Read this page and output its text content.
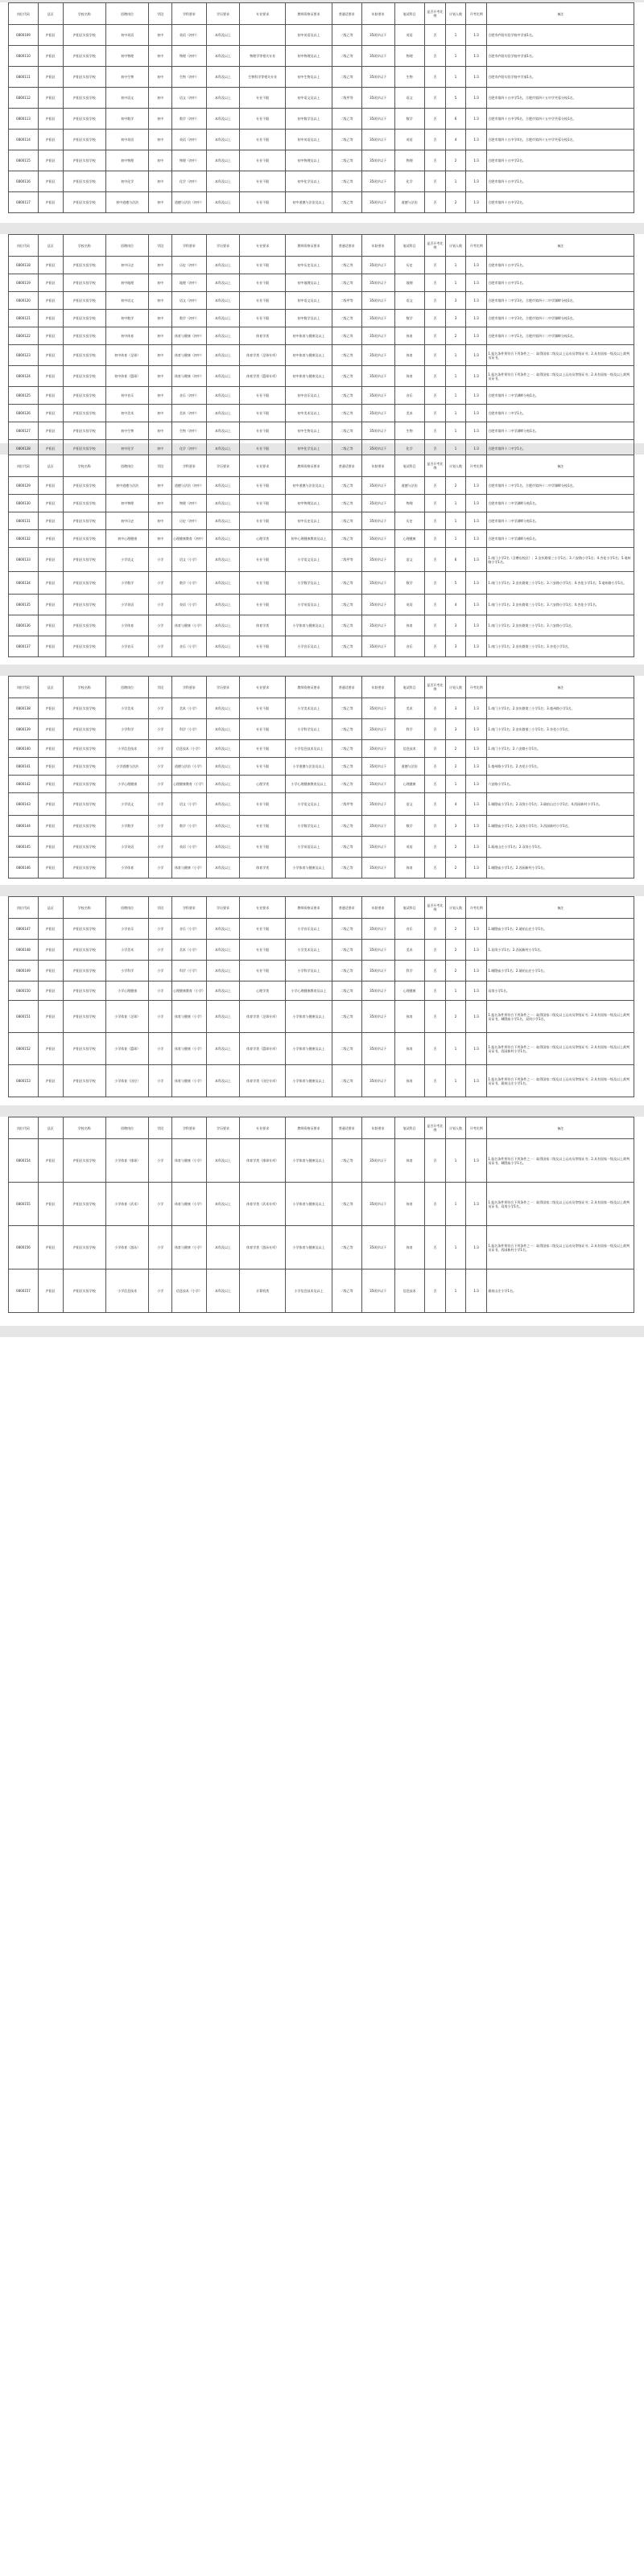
岗位代码	县区	学校名称	招聘岗位	学段	学科要求	学历要求	专业要求	教师资格证要求	普通话要求	年龄要求	笔试科目	是否开考比例	计划人数	开考比例	备注
0800109	庐阳区	庐阳区实验学校	初中英语	初中	英语（初中）	本科及以上		初中英语及以上	二级乙等	35周岁以下	英语	否	1	1:3	合肥市庐阳实验学校中学部1名。
0800110	庐阳区	庐阳区实验学校	初中物理	初中	物理（初中）	本科及以上	物理学等相关专业	初中物理及以上	二级乙等	35周岁以下	物理	否	1	1:3	合肥市庐阳实验学校中学部1名。
0800111	庐阳区	庐阳区实验学校	初中生物	初中	生物（初中）	本科及以上	生物科学等相关专业	初中生物及以上	二级乙等	35周岁以下	生物	否	1	1:3	合肥市庐阳实验学校中学部1名。
0800112	庐阳区	庐阳区实验学校	初中语文	初中	语文（初中）	本科及以上	专业不限	初中语文及以上	二级甲等	35周岁以下	语文	否	5	1:3	合肥市第四十五中学5名，合肥市第四十五中学芙蓉分校1名。
0800113	庐阳区	庐阳区实验学校	初中数学	初中	数学（初中）	本科及以上	专业不限	初中数学及以上	二级乙等	35周岁以下	数学	否	6	1:3	合肥市第四十五中学6名，合肥市第四十五中学芙蓉分校1名。
0800114	庐阳区	庐阳区实验学校	初中英语	初中	英语（初中）	本科及以上	专业不限	初中英语及以上	二级乙等	35周岁以下	英语	否	4	1:3	合肥市第四十五中学4名，合肥市第四十五中学芙蓉分校1名。
0800115	庐阳区	庐阳区实验学校	初中物理	初中	物理（初中）	本科及以上	专业不限	初中物理及以上	二级乙等	35周岁以下	物理	否	2	1:3	合肥市第四十五中学2名。
0800116	庐阳区	庐阳区实验学校	初中化学	初中	化学（初中）	本科及以上	专业不限	初中化学及以上	二级乙等	35周岁以下	化学	否	1	1:3	合肥市第四十五中学1名。
0800117	庐阳区	庐阳区实验学校	初中道德与法治	初中	道德与法治（初中）	本科及以上	专业不限	初中道德与法治及以上	二级乙等	35周岁以下	道德与法治	否	2	1:3	合肥市第四十五中学2名。
岗位代码	县区	学校名称	招聘岗位	学段	学科要求	学历要求	专业要求	教师资格证要求	普通话要求	年龄要求	笔试科目	是否开考比例	计划人数	开考比例	备注
0800118	庐阳区	庐阳区实验学校	初中历史	初中	历史（初中）	本科及以上	专业不限	初中历史及以上	二级乙等	35周岁以下	历史	否	1	1:3	合肥市第四十五中学1名。
0800119	庐阳区	庐阳区实验学校	初中地理	初中	地理（初中）	本科及以上	专业不限	初中地理及以上	二级乙等	35周岁以下	地理	否	1	1:3	合肥市第四十五中学1名。
0800120	庐阳区	庐阳区实验学校	初中语文	初中	语文（初中）	本科及以上	专业不限	初中语文及以上	二级甲等	35周岁以下	语文	否	3	1:3	合肥市第四十二中学3名，合肥市第四十二中学湖畔分校1名。
0800121	庐阳区	庐阳区实验学校	初中数学	初中	数学（初中）	本科及以上	专业不限	初中数学及以上	二级乙等	35周岁以下	数学	否	3	1:3	合肥市第四十二中学3名，合肥市第四十二中学湖畔分校1名。
0800122	庐阳区	庐阳区实验学校	初中体育	初中	体育与健康（初中）	本科及以上	体育学类	初中体育与健康及以上	二级乙等	35周岁以下	体育	否	2	1:3	合肥市第四十二中学1名，合肥市第四十二中学湖畔分校1名。
0800123	庐阳区	庐阳区实验学校	初中体育（足球）	初中	体育与健康（初中）	本科及以上	体育学类（足球专项）	初中体育与健康及以上	二级乙等	35周岁以下	体育	否	1	1:3	1.报名条件须符合下列条件之一：取得国家二级及以上运动员等级证书；2.具有国家一级及以上裁判员证书。
0800124	庐阳区	庐阳区实验学校	初中体育（篮球）	初中	体育与健康（初中）	本科及以上	体育学类（篮球专项）	初中体育与健康及以上	二级乙等	35周岁以下	体育	否	1	1:3	1.报名条件须符合下列条件之一：取得国家二级及以上运动员等级证书；2.具有国家一级及以上裁判员证书。
0800125	庐阳区	庐阳区实验学校	初中音乐	初中	音乐（初中）	本科及以上	专业不限	初中音乐及以上	二级乙等	35周岁以下	音乐	否	1	1:3	合肥市第四十二中学湖畔分校1名。
0800126	庐阳区	庐阳区实验学校	初中美术	初中	美术（初中）	本科及以上	专业不限	初中美术及以上	二级乙等	35周岁以下	美术	否	1	1:3	合肥市第四十二中学1名。
0800127	庐阳区	庐阳区实验学校	初中生物	初中	生物（初中）	本科及以上	专业不限	初中生物及以上	二级乙等	35周岁以下	生物	否	1	1:3	合肥市第四十二中学湖畔分校1名。
0800128	庐阳区	庐阳区实验学校	初中化学	初中	化学（初中）	本科及以上	专业不限	初中化学及以上	二级乙等	35周岁以下	化学	否	1	1:3	合肥市第四十二中学1名。
岗位代码	县区	学校名称	招聘岗位	学段	学科要求	学历要求	专业要求	教师资格证要求	普通话要求	年龄要求	笔试科目	是否开考比例	计划人数	开考比例	备注
0800129	庐阳区	庐阳区实验学校	初中道德与法治	初中	道德与法治（初中）	本科及以上	专业不限	初中道德与法治及以上	二级乙等	35周岁以下	道德与法治	否	2	1:3	合肥市第四十二中学1名，合肥市第四十二中学湖畔分校1名。
0800130	庐阳区	庐阳区实验学校	初中物理	初中	物理（初中）	本科及以上	专业不限	初中物理及以上	二级乙等	35周岁以下	物理	否	1	1:3	合肥市第四十二中学湖畔分校1名。
0800131	庐阳区	庐阳区实验学校	初中历史	初中	历史（初中）	本科及以上	专业不限	初中历史及以上	二级乙等	35周岁以下	历史	否	1	1:3	合肥市第四十二中学湖畔分校1名。
0800132	庐阳区	庐阳区实验学校	初中心理健康	初中	心理健康教育（初中）	本科及以上	心理学类	初中心理健康教育及以上	二级乙等	35周岁以下	心理健康	否	1	1:3	合肥市第四十二中学湖畔分校1名。
0800133	庐阳区	庐阳区实验学校	小学语文	小学	语文（小学）	本科及以上	专业不限	小学语文及以上	二级甲等	35周岁以下	语文	否	6	1:3	1.南门小学2名（含磨店校区）；2.安庆路第三小学1名；3.六安路小学1名；4.杏花小学1名；5.亳州路小学1名。
0800134	庐阳区	庐阳区实验学校	小学数学	小学	数学（小学）	本科及以上	专业不限	小学数学及以上	二级乙等	35周岁以下	数学	否	5	1:3	1.南门小学1名；2.安庆路第三小学1名；3.六安路小学1名；4.杏花小学1名；5.亳州路小学1名。
0800135	庐阳区	庐阳区实验学校	小学英语	小学	英语（小学）	本科及以上	专业不限	小学英语及以上	二级乙等	35周岁以下	英语	否	4	1:3	1.南门小学1名；2.安庆路第三小学1名；3.六安路小学1名；4.杏花小学1名。
0800136	庐阳区	庐阳区实验学校	小学体育	小学	体育与健康（小学）	本科及以上	体育学类	小学体育与健康及以上	二级乙等	35周岁以下	体育	否	3	1:3	1.南门小学1名；2.安庆路第三小学1名；3.六安路小学1名。
0800137	庐阳区	庐阳区实验学校	小学音乐	小学	音乐（小学）	本科及以上	专业不限	小学音乐及以上	二级乙等	35周岁以下	音乐	否	3	1:3	1.南门小学1名；2.安庆路第三小学1名；3.杏花小学1名。
岗位代码	县区	学校名称	招聘岗位	学段	学科要求	学历要求	专业要求	教师资格证要求	普通话要求	年龄要求	笔试科目	是否开考比例	计划人数	开考比例	备注
0800138	庐阳区	庐阳区实验学校	小学美术	小学	美术（小学）	本科及以上	专业不限	小学美术及以上	二级乙等	35周岁以下	美术	否	3	1:3	1.南门小学1名；2.安庆路第三小学1名；3.亳州路小学1名。
0800139	庐阳区	庐阳区实验学校	小学科学	小学	科学（小学）	本科及以上	专业不限	小学科学及以上	二级乙等	35周岁以下	科学	否	3	1:3	1.南门小学1名；2.安庆路第三小学1名；3.杏花小学1名。
0800140	庐阳区	庐阳区实验学校	小学信息技术	小学	信息技术（小学）	本科及以上	专业不限	小学信息技术及以上	二级乙等	35周岁以下	信息技术	否	2	1:3	1.南门小学1名；2.六安路小学1名。
0800141	庐阳区	庐阳区实验学校	小学道德与法治	小学	道德与法治（小学）	本科及以上	专业不限	小学道德与法治及以上	二级乙等	35周岁以下	道德与法治	否	2	1:3	1.亳州路小学1名；2.杏花小学1名。
0800142	庐阳区	庐阳区实验学校	小学心理健康	小学	心理健康教育（小学）	本科及以上	心理学类	小学心理健康教育及以上	二级乙等	35周岁以下	心理健康	否	1	1:3	六安路小学1名。
0800143	庐阳区	庐阳区实验学校	小学语文	小学	语文（小学）	本科及以上	专业不限	小学语文及以上	二级甲等	35周岁以下	语文	否	4	1:3	1.城隍庙小学1名；2.双岗小学1名；3.琥珀山庄小学1名；4.西园新村小学1名。
0800144	庐阳区	庐阳区实验学校	小学数学	小学	数学（小学）	本科及以上	专业不限	小学数学及以上	二级乙等	35周岁以下	数学	否	3	1:3	1.城隍庙小学1名；2.双岗小学1名；3.西园新村小学1名。
0800145	庐阳区	庐阳区实验学校	小学英语	小学	英语（小学）	本科及以上	专业不限	小学英语及以上	二级乙等	35周岁以下	英语	否	2	1:3	1.琥珀山庄小学1名；2.双岗小学1名。
0800146	庐阳区	庐阳区实验学校	小学体育	小学	体育与健康（小学）	本科及以上	体育学类	小学体育与健康及以上	二级乙等	35周岁以下	体育	否	2	1:3	1.城隍庙小学1名；2.西园新村小学1名。
岗位代码	县区	学校名称	招聘岗位	学段	学科要求	学历要求	专业要求	教师资格证要求	普通话要求	年龄要求	笔试科目	是否开考比例	计划人数	开考比例	备注
0800147	庐阳区	庐阳区实验学校	小学音乐	小学	音乐（小学）	本科及以上	专业不限	小学音乐及以上	二级乙等	35周岁以下	音乐	否	2	1:3	1.城隍庙小学1名；2.琥珀山庄小学1名。
0800148	庐阳区	庐阳区实验学校	小学美术	小学	美术（小学）	本科及以上	专业不限	小学美术及以上	二级乙等	35周岁以下	美术	否	2	1:3	1.双岗小学1名；2.西园新村小学1名。
0800149	庐阳区	庐阳区实验学校	小学科学	小学	科学（小学）	本科及以上	专业不限	小学科学及以上	二级乙等	35周岁以下	科学	否	2	1:3	1.城隍庙小学1名；2.琥珀山庄小学1名。
0800150	庐阳区	庐阳区实验学校	小学心理健康	小学	心理健康教育（小学）	本科及以上	心理学类	小学心理健康教育及以上	二级乙等	35周岁以下	心理健康	否	1	1:3	双岗小学1名。
0800151	庐阳区	庐阳区实验学校	小学体育（足球）	小学	体育与健康（小学）	本科及以上	体育学类（足球专项）	小学体育与健康及以上	二级乙等	35周岁以下	体育	否	2	1:3	1.报名条件须符合下列条件之一：取得国家二级及以上运动员等级证书；2.具有国家一级及以上裁判员证书。城隍庙小学1名，双岗小学1名。
0800152	庐阳区	庐阳区实验学校	小学体育（篮球）	小学	体育与健康（小学）	本科及以上	体育学类（篮球专项）	小学体育与健康及以上	二级乙等	35周岁以下	体育	否	1	1:3	1.报名条件须符合下列条件之一：取得国家二级及以上运动员等级证书；2.具有国家一级及以上裁判员证书。西园新村小学1名。
0800153	庐阳区	庐阳区实验学校	小学体育（田径）	小学	体育与健康（小学）	本科及以上	体育学类（田径专项）	小学体育与健康及以上	二级乙等	35周岁以下	体育	否	1	1:3	1.报名条件须符合下列条件之一：取得国家二级及以上运动员等级证书；2.具有国家一级及以上裁判员证书。琥珀山庄小学1名。
岗位代码	县区	学校名称	招聘岗位	学段	学科要求	学历要求	专业要求	教师资格证要求	普通话要求	年龄要求	笔试科目	是否开考比例	计划人数	开考比例	备注
0800154	庐阳区	庐阳区实验学校	小学体育（排球）	小学	体育与健康（小学）	本科及以上	体育学类（排球专项）	小学体育与健康及以上	二级乙等	35周岁以下	体育	否	1	1:3	1.报名条件须符合下列条件之一：取得国家二级及以上运动员等级证书；2.具有国家一级及以上裁判员证书。城隍庙小学1名。
0800155	庐阳区	庐阳区实验学校	小学体育（武术）	小学	体育与健康（小学）	本科及以上	体育学类（武术专项）	小学体育与健康及以上	二级乙等	35周岁以下	体育	否	1	1:3	1.报名条件须符合下列条件之一：取得国家二级及以上运动员等级证书；2.具有国家一级及以上裁判员证书。双岗小学1名。
0800156	庐阳区	庐阳区实验学校	小学体育（游泳）	小学	体育与健康（小学）	本科及以上	体育学类（游泳专项）	小学体育与健康及以上	二级乙等	35周岁以下	体育	否	1	1:3	1.报名条件须符合下列条件之一：取得国家二级及以上运动员等级证书；2.具有国家一级及以上裁判员证书。西园新村小学1名。
0800157	庐阳区	庐阳区实验学校	小学信息技术	小学	信息技术（小学）	本科及以上	计算机类	小学信息技术及以上	二级乙等	35周岁以下	信息技术	否	1	1:3	琥珀山庄小学1名。
